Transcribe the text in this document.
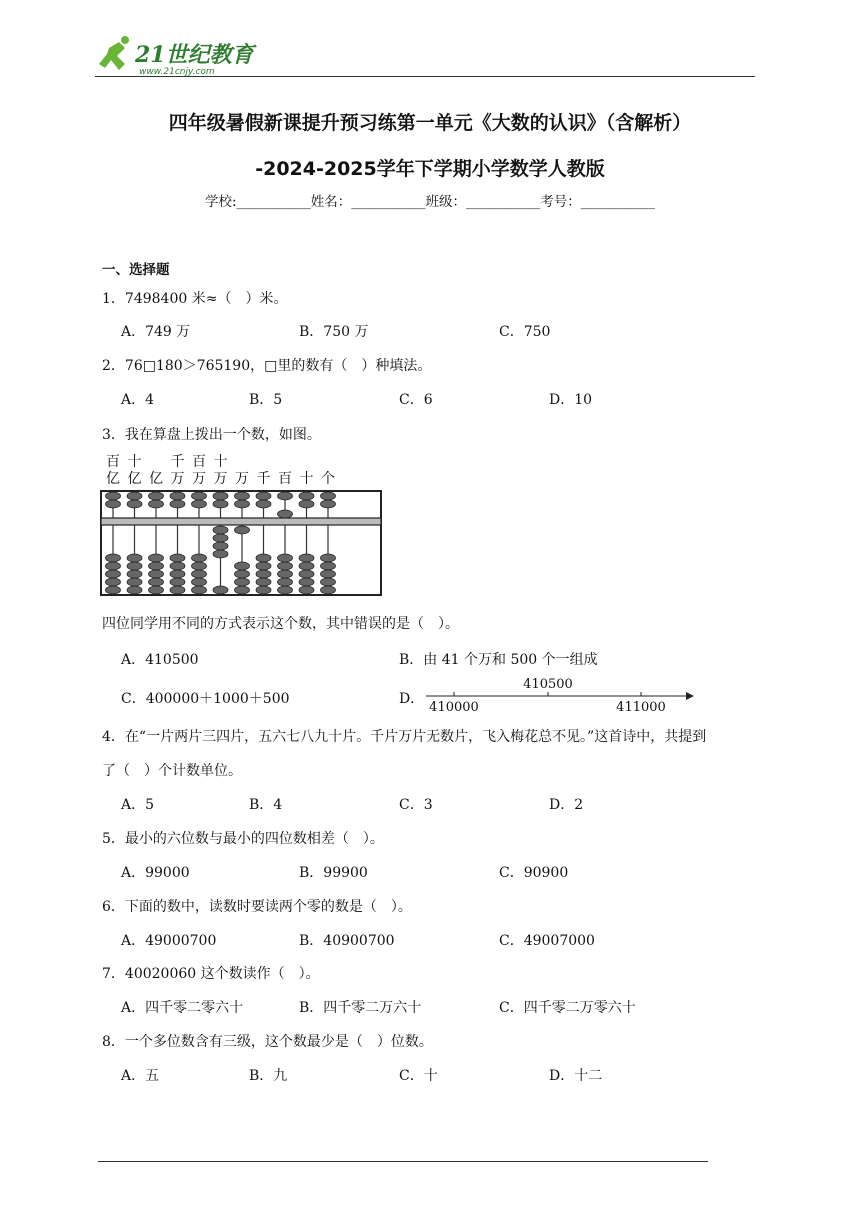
21世纪教育
www.21cnjy.com
四年级暑假新课提升预习练第一单元《大数的认识》（含解析）
-2024-2025学年下学期小学数学人教版
学校:___________姓名：___________班级：___________考号：___________
一、选择题
1．7498400 米≈（　）米。
A．749 万	B．750 万	C．750
2．76□180＞765190，□里的数有（　）种填法。
A．4	B．5	C．6	D．10
3．我在算盘上拨出一个数，如图。
百
亿
十
亿 亿
千
万
百
万
十
万 万 千 百 十 个
四位同学用不同的方式表示这个数，其中错误的是（　）。
A．410500	B．由 41 个万和 500 个一组成
C．400000＋1000＋500	D．
410500
410000	411000
4．在“一片两片三四片，五六七八九十片。千片万片无数片，飞入梅花总不见。”这首诗中，共提到
了（　）个计数单位。
A．5	B．4	C．3	D．2
5．最小的六位数与最小的四位数相差（　）。
A．99000	B．99900	C．90900
6．下面的数中，读数时要读两个零的数是（　）。
A．49000700	B．40900700	C．49007000
7．40020060 这个数读作（　）。
A．四千零二零六十	B．四千零二万六十	C．四千零二万零六十
8．一个多位数含有三级，这个数最少是（　）位数。
A．五	B．九	C．十	D．十二
